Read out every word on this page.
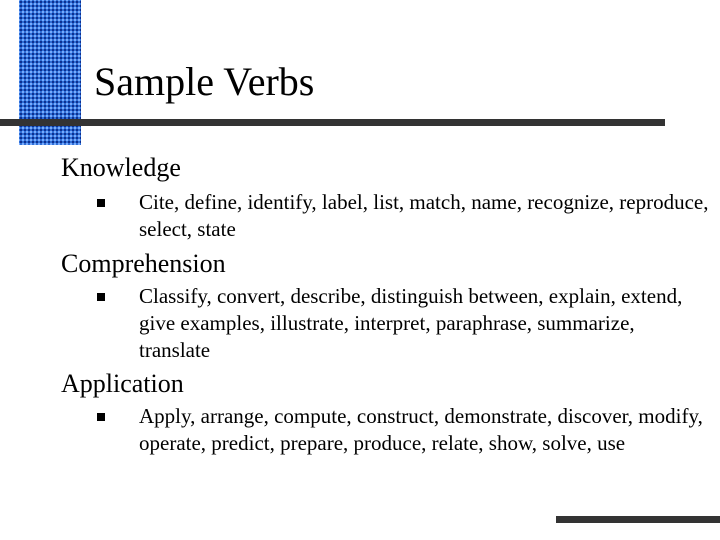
Sample Verbs
Knowledge
Cite, define, identify, label, list, match, name, recognize, reproduce, select, state
Comprehension
Classify, convert, describe, distinguish between, explain, extend, give examples, illustrate, interpret, paraphrase, summarize, translate
Application
Apply, arrange, compute, construct, demonstrate, discover, modify, operate, predict, prepare, produce, relate, show, solve, use
